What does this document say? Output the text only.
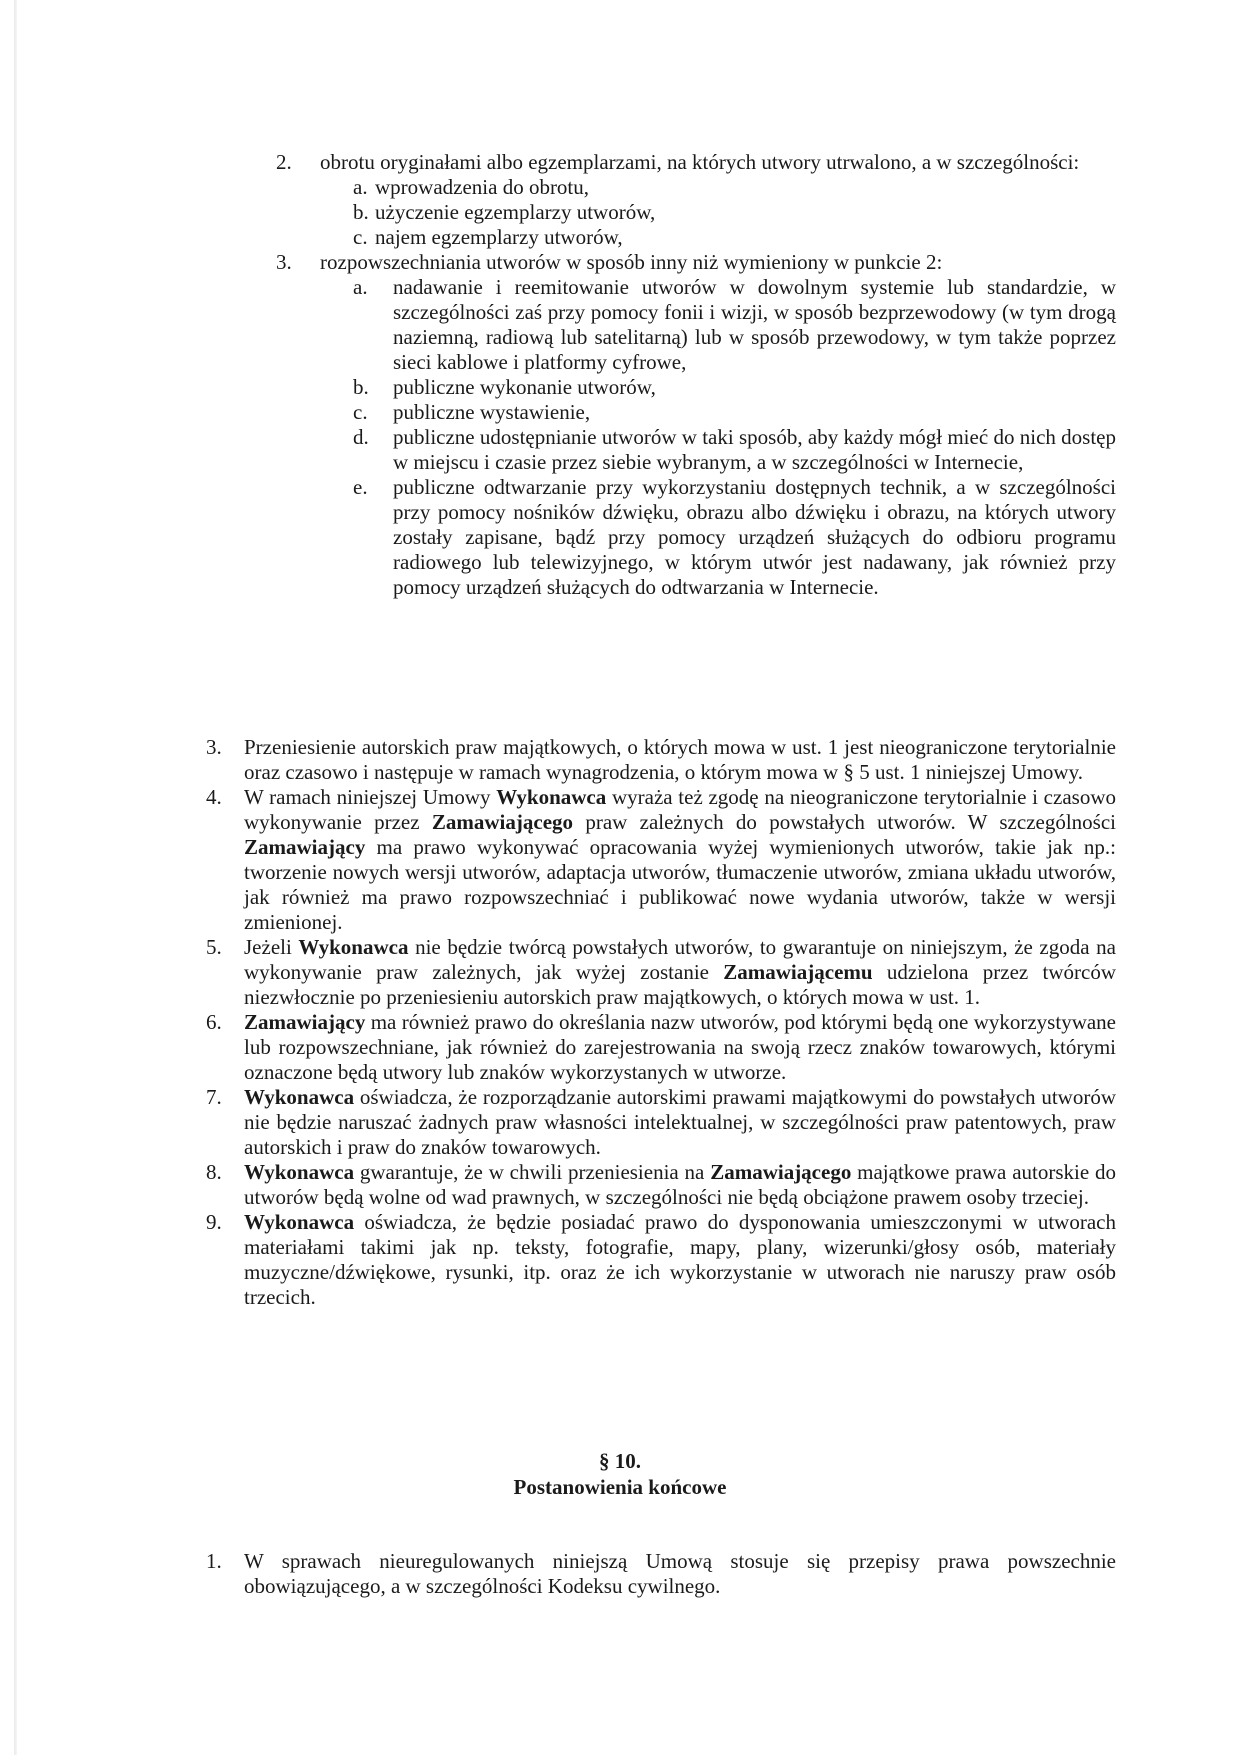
2. obrotu oryginałami albo egzemplarzami, na których utwory utrwalono, a w szczególności:
a. wprowadzenia do obrotu,
b. użyczenie egzemplarzy utworów,
c. najem egzemplarzy utworów,
3. rozpowszechniania utworów w sposób inny niż wymieniony w punkcie 2:
a. nadawanie i reemitowanie utworów w dowolnym systemie lub standardzie, w szczególności zaś przy pomocy fonii i wizji, w sposób bezprzewodowy (w tym drogą naziemną, radiową lub satelitarną) lub w sposób przewodowy, w tym także poprzez sieci kablowe i platformy cyfrowe,
b. publiczne wykonanie utworów,
c. publiczne wystawienie,
d. publiczne udostępnianie utworów w taki sposób, aby każdy mógł mieć do nich dostęp w miejscu i czasie przez siebie wybranym, a w szczególności w Internecie,
e. publiczne odtwarzanie przy wykorzystaniu dostępnych technik, a w szczególności przy pomocy nośników dźwięku, obrazu albo dźwięku i obrazu, na których utwory zostały zapisane, bądź przy pomocy urządzeń służących do odbioru programu radiowego lub telewizyjnego, w którym utwór jest nadawany, jak również przy pomocy urządzeń służących do odtwarzania w Internecie.
3. Przeniesienie autorskich praw majątkowych, o których mowa w ust. 1 jest nieograniczone terytorialnie oraz czasowo i następuje w ramach wynagrodzenia, o którym mowa w § 5 ust. 1 niniejszej Umowy.
4. W ramach niniejszej Umowy Wykonawca wyraża też zgodę na nieograniczone terytorialnie i czasowo wykonywanie przez Zamawiającego praw zależnych do powstałych utworów. W szczególności Zamawiający ma prawo wykonywać opracowania wyżej wymienionych utworów, takie jak np.: tworzenie nowych wersji utworów, adaptacja utworów, tłumaczenie utworów, zmiana układu utworów, jak również ma prawo rozpowszechniać i publikować nowe wydania utworów, także w wersji zmienionej.
5. Jeżeli Wykonawca nie będzie twórcą powstałych utworów, to gwarantuje on niniejszym, że zgoda na wykonywanie praw zależnych, jak wyżej zostanie Zamawiającemu udzielona przez twórców niezwłocznie po przeniesieniu autorskich praw majątkowych, o których mowa w ust. 1.
6. Zamawiający ma również prawo do określania nazw utworów, pod którymi będą one wykorzystywane lub rozpowszechniane, jak również do zarejestrowania na swoją rzecz znaków towarowych, którymi oznaczone będą utwory lub znaków wykorzystanych w utworze.
7. Wykonawca oświadcza, że rozporządzanie autorskimi prawami majątkowymi do powstałych utworów nie będzie naruszać żadnych praw własności intelektualnej, w szczególności praw patentowych, praw autorskich i praw do znaków towarowych.
8. Wykonawca gwarantuje, że w chwili przeniesienia na Zamawiającego majątkowe prawa autorskie do utworów będą wolne od wad prawnych, w szczególności nie będą obciążone prawem osoby trzeciej.
9. Wykonawca oświadcza, że będzie posiadać prawo do dysponowania umieszczonymi w utworach materiałami takimi jak np. teksty, fotografie, mapy, plany, wizerunki/głosy osób, materiały muzyczne/dźwiękowe, rysunki, itp. oraz że ich wykorzystanie w utworach nie naruszy praw osób trzecich.
§ 10.
Postanowienia końcowe
1. W sprawach nieuregulowanych niniejszą Umową stosuje się przepisy prawa powszechnie obowiązującego, a w szczególności Kodeksu cywilnego.
